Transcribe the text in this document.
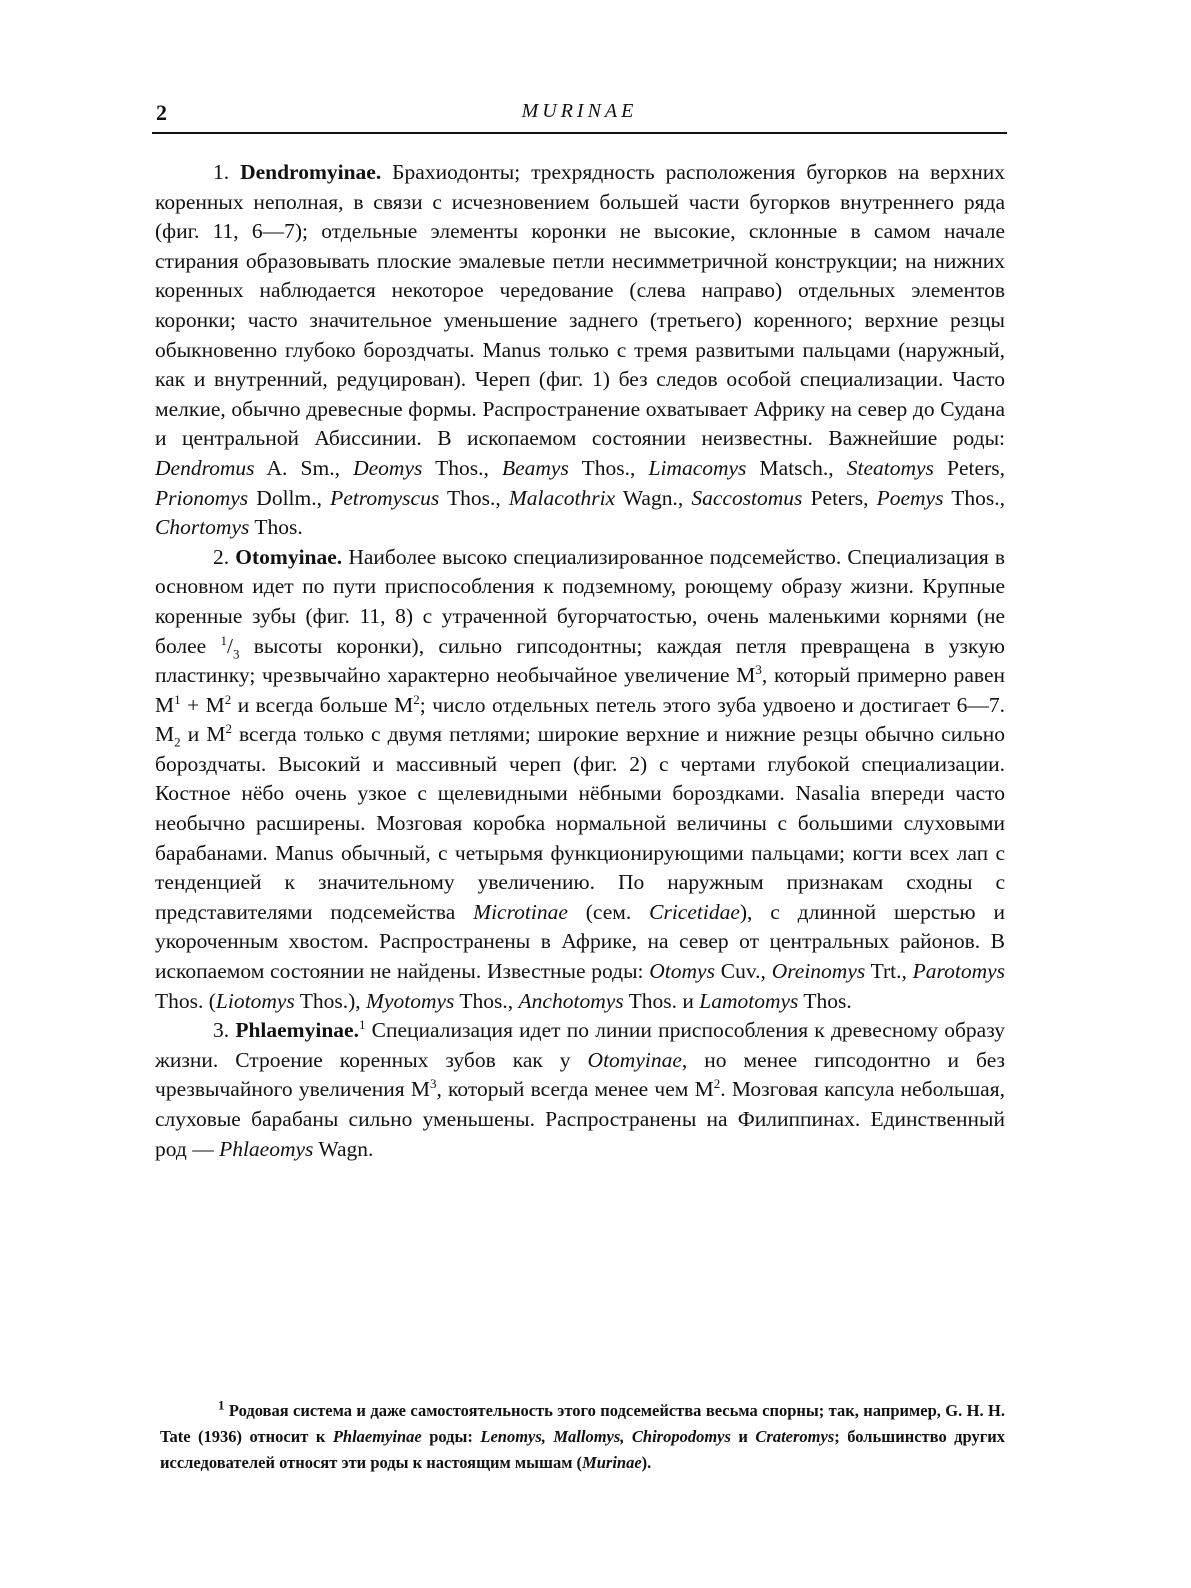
2	MURINAE

1. Dendromyinae. Брахиодонты; трехрядность расположения бугорков на верхних коренных неполная, в связи с исчезновением большей части бугорков внутреннего ряда (фиг. 11, 6—7); отдельные элементы коронки не высокие, склонные в самом начале стирания образовывать плоские эмалевые петли несимметричной конструкции; на нижних коренных наблюдается некоторое чередование (слева направо) отдельных элементов коронки; часто значительное уменьшение заднего (третьего) коренного; верхние резцы обыкновенно глубоко бороздчаты. Manus только с тремя развитыми пальцами (наружный, как и внутренний, редуцирован). Череп (фиг. 1) без следов особой специализации. Часто мелкие, обычно древесные формы. Распространение охватывает Африку на север до Судана и центральной Абиссинии. В ископаемом состоянии неизвестны. Важнейшие роды: Dendromus A. Sm., Deomys Thos., Beamys Thos., Limacomys Matsch., Steatomys Peters, Prionomys Dollm., Petromyscus Thos., Malacothrix Wagn., Saccostomus Peters, Poemys Thos., Chortomys Thos.

2. Otomyinae. Наиболее высоко специализированное подсемейство. Специализация в основном идет по пути приспособления к подземному, роющему образу жизни. Крупные коренные зубы (фиг. 11, 8) с утраченной бугорчатостью, очень маленькими корнями (не более $^1/_3$ высоты коронки), сильно гипсодонтны; каждая петля превращена в узкую пластинку; чрезвычайно характерно необычайное увеличение $M^3$, который примерно равен $M^1 + M^2$ и всегда больше $M^2$; число отдельных петель этого зуба удвоено и достигает 6—7. $M_2$ и $M^2$ всегда только с двумя петлями; широкие верхние и нижние резцы обычно сильно бороздчаты. Высокий и массивный череп (фиг. 2) с чертами глубокой специализации. Костное нёбо очень узкое с щелевидными нёбными бороздками. Nasalia впереди часто необычно расширены. Мозговая коробка нормальной величины с большими слуховыми барабанами. Manus обычный, с четырьмя функционирующими пальцами; когти всех лап с тенденцией к значительному увеличению. По наружным признакам сходны с представителями подсемейства Microtinae (сем. Cricetidae), с длинной шерстью и укороченным хвостом. Распространены в Африке, на север от центральных районов. В ископаемом состоянии не найдены. Известные роды: Otomys Cuv., Oreinomys Trt., Parotomys Thos. (Liotomys Thos.), Myotomys Thos., Anchotomys Thos. и Lamotomys Thos.

3. Phlaemyinae.$^1$ Специализация идет по линии приспособления к древесному образу жизни. Строение коренных зубов как у Otomyinae, но менее гипсодонтно и без чрезвычайного увеличения $M^3$, который всегда менее чем $M^2$. Мозговая капсула небольшая, слуховые барабаны сильно уменьшены. Распространены на Филиппинах. Единственный род — Phlaeomys Wagn.

$^1$ Родовая система и даже самостоятельность этого подсемейства весьма спорны; так, например, G. H. H. Tate (1936) относит к Phlaemyinae роды: Lenomys, Mallomys, Chiropodomys и Crateromys; большинство других исследователей относят эти роды к настоящим мышам (Murinae).
